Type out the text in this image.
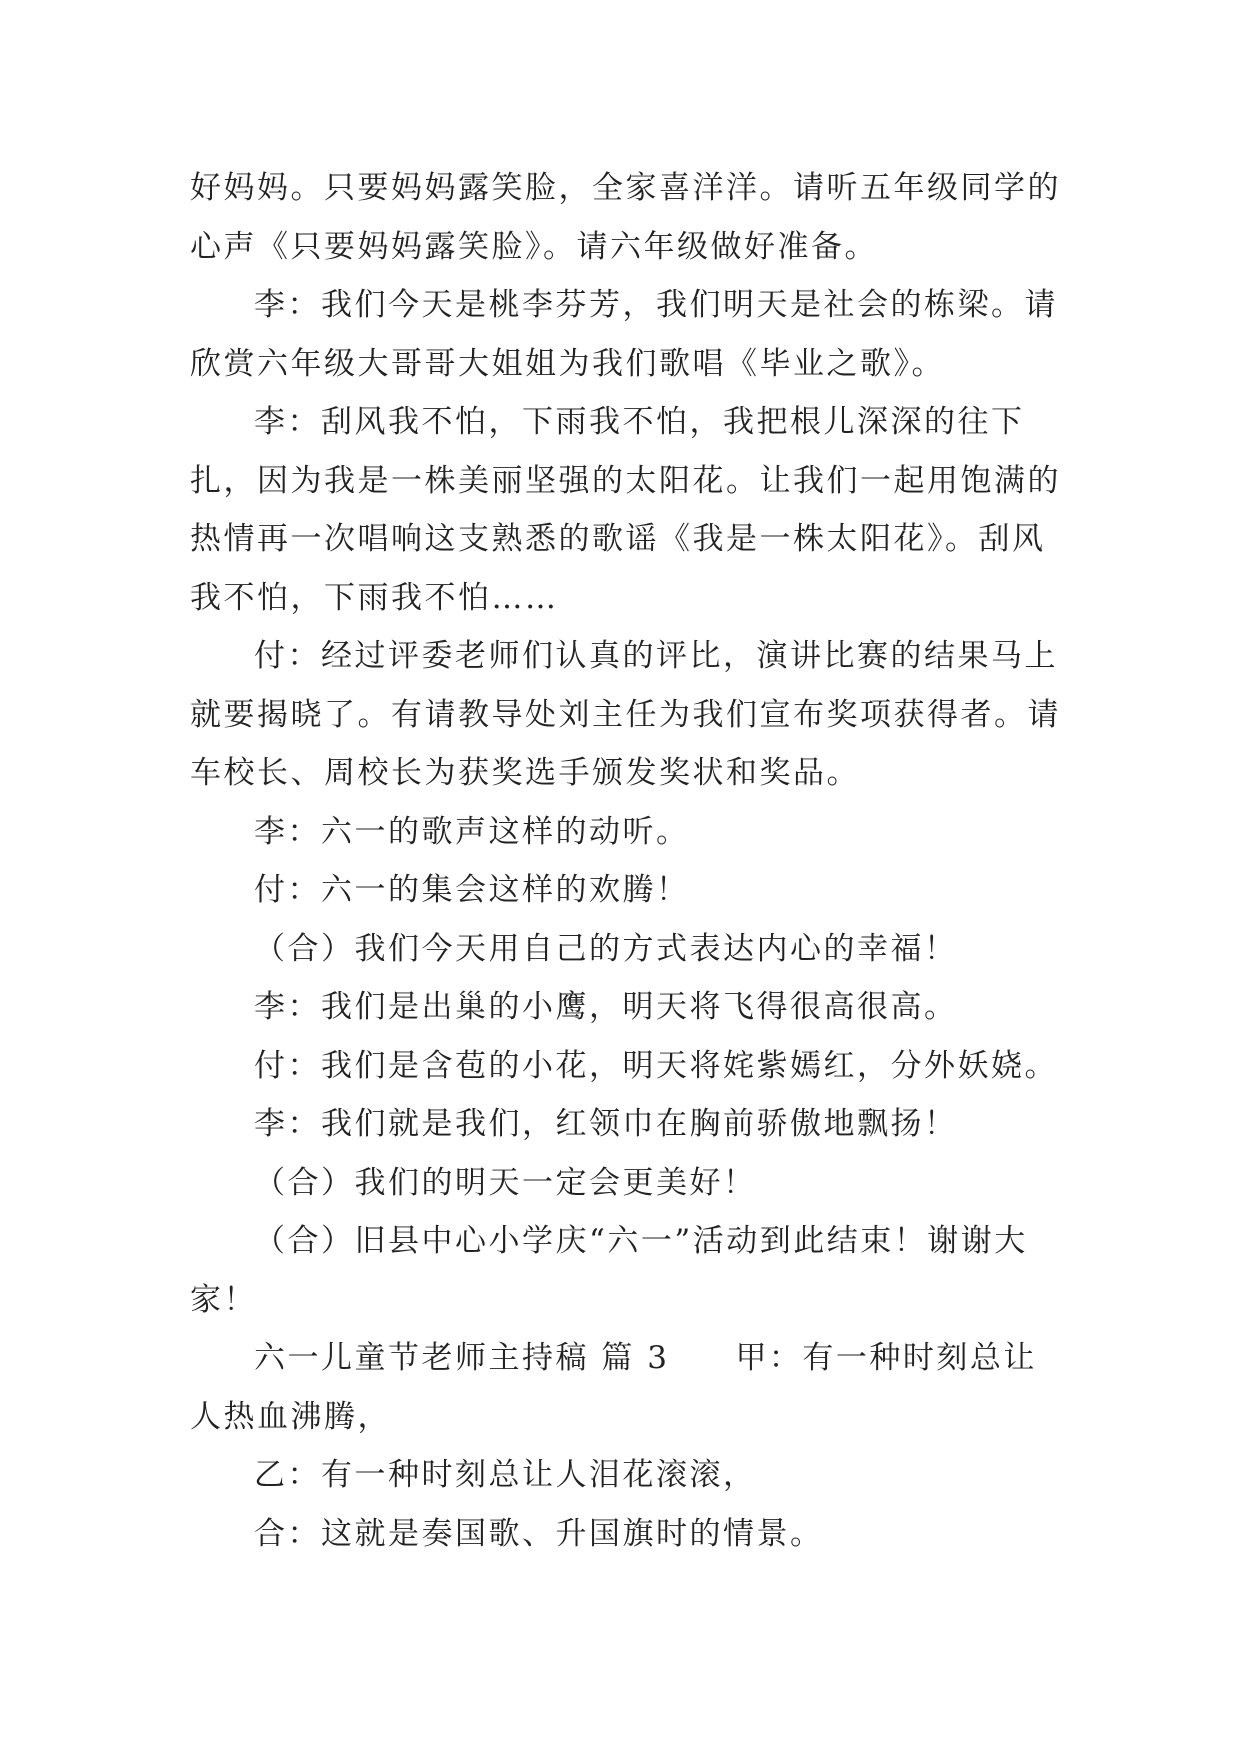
好妈妈。只要妈妈露笑脸，全家喜洋洋。请听五年级同学的心声《只要妈妈露笑脸》。请六年级做好准备。

李：我们今天是桃李芬芳，我们明天是社会的栋梁。请欣赏六年级大哥哥大姐姐为我们歌唱《毕业之歌》。

李：刮风我不怕，下雨我不怕，我把根儿深深的往下扎，因为我是一株美丽坚强的太阳花。让我们一起用饱满的热情再一次唱响这支熟悉的歌谣《我是一株太阳花》。刮风我不怕，下雨我不怕……

付：经过评委老师们认真的评比，演讲比赛的结果马上就要揭晓了。有请教导处刘主任为我们宣布奖项获得者。请车校长、周校长为获奖选手颁发奖状和奖品。

李：六一的歌声这样的动听。

付：六一的集会这样的欢腾！

（合）我们今天用自己的方式表达内心的幸福！

李：我们是出巢的小鹰，明天将飞得很高很高。

付：我们是含苞的小花，明天将姹紫嫣红，分外妖娆。

李：我们就是我们，红领巾在胸前骄傲地飘扬！

（合）我们的明天一定会更美好！

（合）旧县中心小学庆“六一”活动到此结束！谢谢大家！

六一儿童节老师主持稿 篇 3 甲：有一种时刻总让人热血沸腾，

乙：有一种时刻总让人泪花滚滚，

合：这就是奏国歌、升国旗时的情景。
